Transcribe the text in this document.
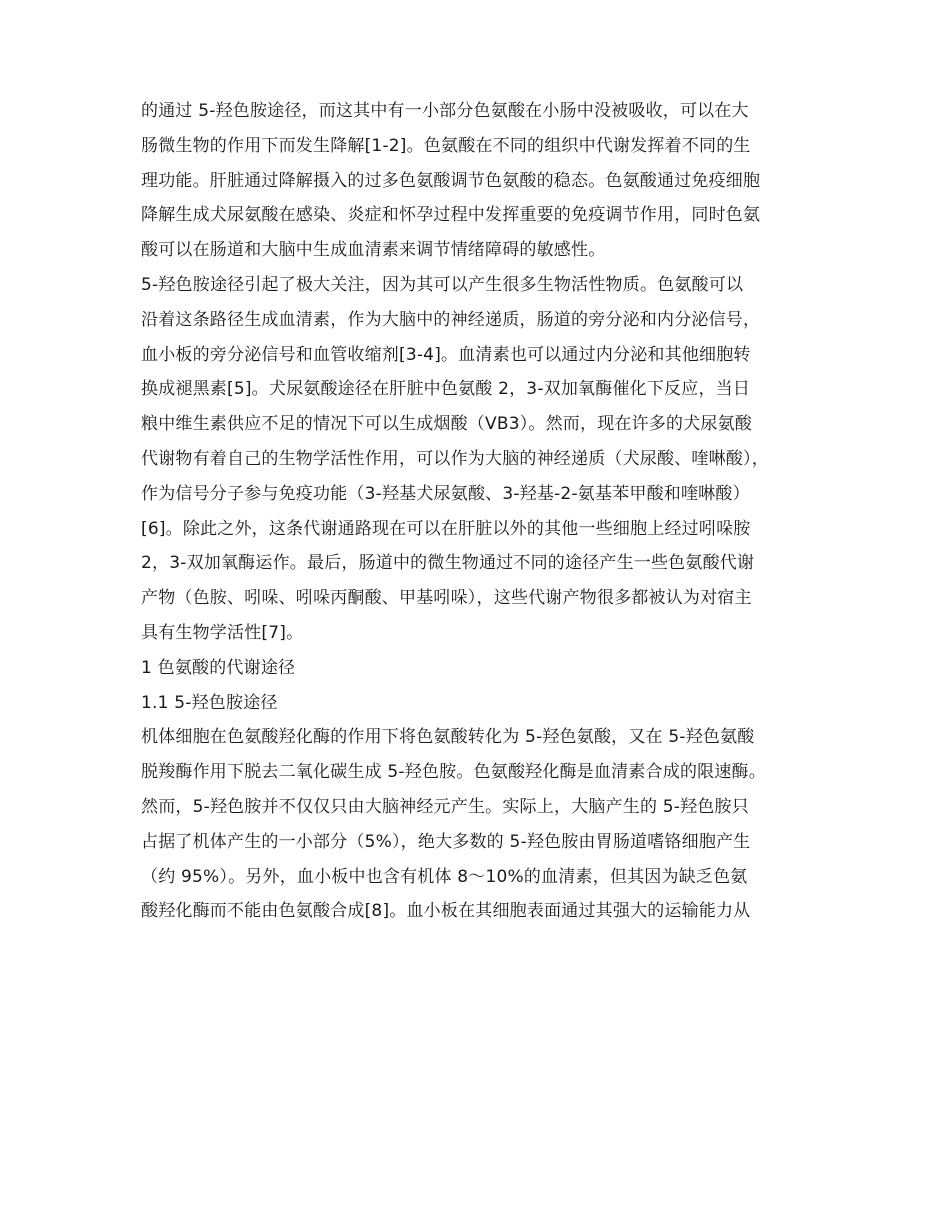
的通过 5-羟色胺途径，而这其中有一小部分色氨酸在小肠中没被吸收，可以在大
肠微生物的作用下而发生降解[1-2]。色氨酸在不同的组织中代谢发挥着不同的生
理功能。肝脏通过降解摄入的过多色氨酸调节色氨酸的稳态。色氨酸通过免疫细胞
降解生成犬尿氨酸在感染、炎症和怀孕过程中发挥重要的免疫调节作用，同时色氨
酸可以在肠道和大脑中生成血清素来调节情绪障碍的敏感性。
5-羟色胺途径引起了极大关注，因为其可以产生很多生物活性物质。色氨酸可以
沿着这条路径生成血清素，作为大脑中的神经递质，肠道的旁分泌和内分泌信号，
血小板的旁分泌信号和血管收缩剂[3-4]。血清素也可以通过内分泌和其他细胞转
换成褪黑素[5]。犬尿氨酸途径在肝脏中色氨酸 2，3-双加氧酶催化下反应，当日
粮中维生素供应不足的情况下可以生成烟酸（VB3）。然而，现在许多的犬尿氨酸
代谢物有着自己的生物学活性作用，可以作为大脑的神经递质（犬尿酸、喹啉酸），
作为信号分子参与免疫功能（3-羟基犬尿氨酸、3-羟基-2-氨基苯甲酸和喹啉酸）
[6]。除此之外，这条代谢通路现在可以在肝脏以外的其他一些细胞上经过吲哚胺
2，3-双加氧酶运作。最后，肠道中的微生物通过不同的途径产生一些色氨酸代谢
产物（色胺、吲哚、吲哚丙酮酸、甲基吲哚），这些代谢产物很多都被认为对宿主
具有生物学活性[7]。
1 色氨酸的代谢途径
1.1 5-羟色胺途径
机体细胞在色氨酸羟化酶的作用下将色氨酸转化为 5-羟色氨酸，又在 5-羟色氨酸
脱羧酶作用下脱去二氧化碳生成 5-羟色胺。色氨酸羟化酶是血清素合成的限速酶。
然而，5-羟色胺并不仅仅只由大脑神经元产生。实际上，大脑产生的 5-羟色胺只
占据了机体产生的一小部分（5%），绝大多数的 5-羟色胺由胃肠道嗜铬细胞产生
（约 95%）。另外，血小板中也含有机体 8～10%的血清素，但其因为缺乏色氨
酸羟化酶而不能由色氨酸合成[8]。血小板在其细胞表面通过其强大的运输能力从
